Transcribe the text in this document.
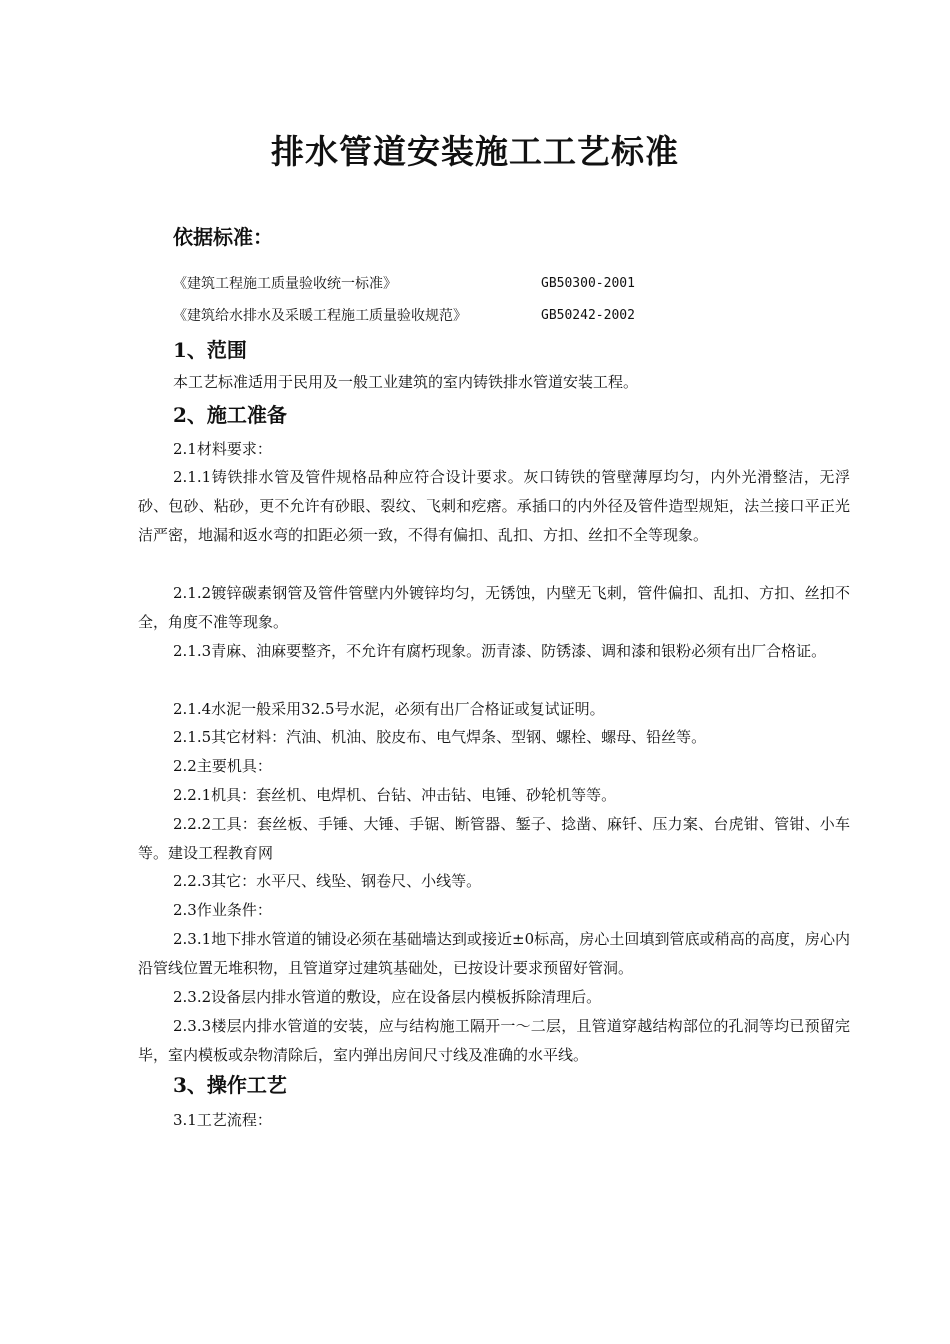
排水管道安装施工工艺标准
依据标准：
《建筑工程施工质量验收统一标准》	GB50300-2001
《建筑给水排水及采暖工程施工质量验收规范》	GB50242-2002
1、范围
本工艺标准适用于民用及一般工业建筑的室内铸铁排水管道安装工程。
2、施工准备
2.1材料要求：
2.1.1铸铁排水管及管件规格品种应符合设计要求。灰口铸铁的管壁薄厚均匀，内外光滑整洁，无浮砂、包砂、粘砂，更不允许有砂眼、裂纹、飞刺和疙瘩。承插口的内外径及管件造型规矩，法兰接口平正光洁严密，地漏和返水弯的扣距必须一致，不得有偏扣、乱扣、方扣、丝扣不全等现象。
2.1.2镀锌碳素钢管及管件管壁内外镀锌均匀，无锈蚀，内壁无飞刺，管件偏扣、乱扣、方扣、丝扣不全，角度不准等现象。
2.1.3青麻、油麻要整齐，不允许有腐朽现象。沥青漆、防锈漆、调和漆和银粉必须有出厂合格证。
2.1.4水泥一般采用32.5号水泥，必须有出厂合格证或复试证明。
2.1.5其它材料：汽油、机油、胶皮布、电气焊条、型钢、螺栓、螺母、铅丝等。
2.2主要机具：
2.2.1机具：套丝机、电焊机、台钻、冲击钻、电锤、砂轮机等等。
2.2.2工具：套丝板、手锤、大锤、手锯、断管器、錾子、捻凿、麻钎、压力案、台虎钳、管钳、小车等。建设工程教育网
2.2.3其它：水平尺、线坠、钢卷尺、小线等。
2.3作业条件：
2.3.1地下排水管道的铺设必须在基础墙达到或接近±0标高，房心土回填到管底或稍高的高度，房心内沿管线位置无堆积物，且管道穿过建筑基础处，已按设计要求预留好管洞。
2.3.2设备层内排水管道的敷设，应在设备层内模板拆除清理后。
2.3.3楼层内排水管道的安装，应与结构施工隔开一～二层，且管道穿越结构部位的孔洞等均已预留完毕，室内模板或杂物清除后，室内弹出房间尺寸线及准确的水平线。
3、操作工艺
3.1工艺流程：
